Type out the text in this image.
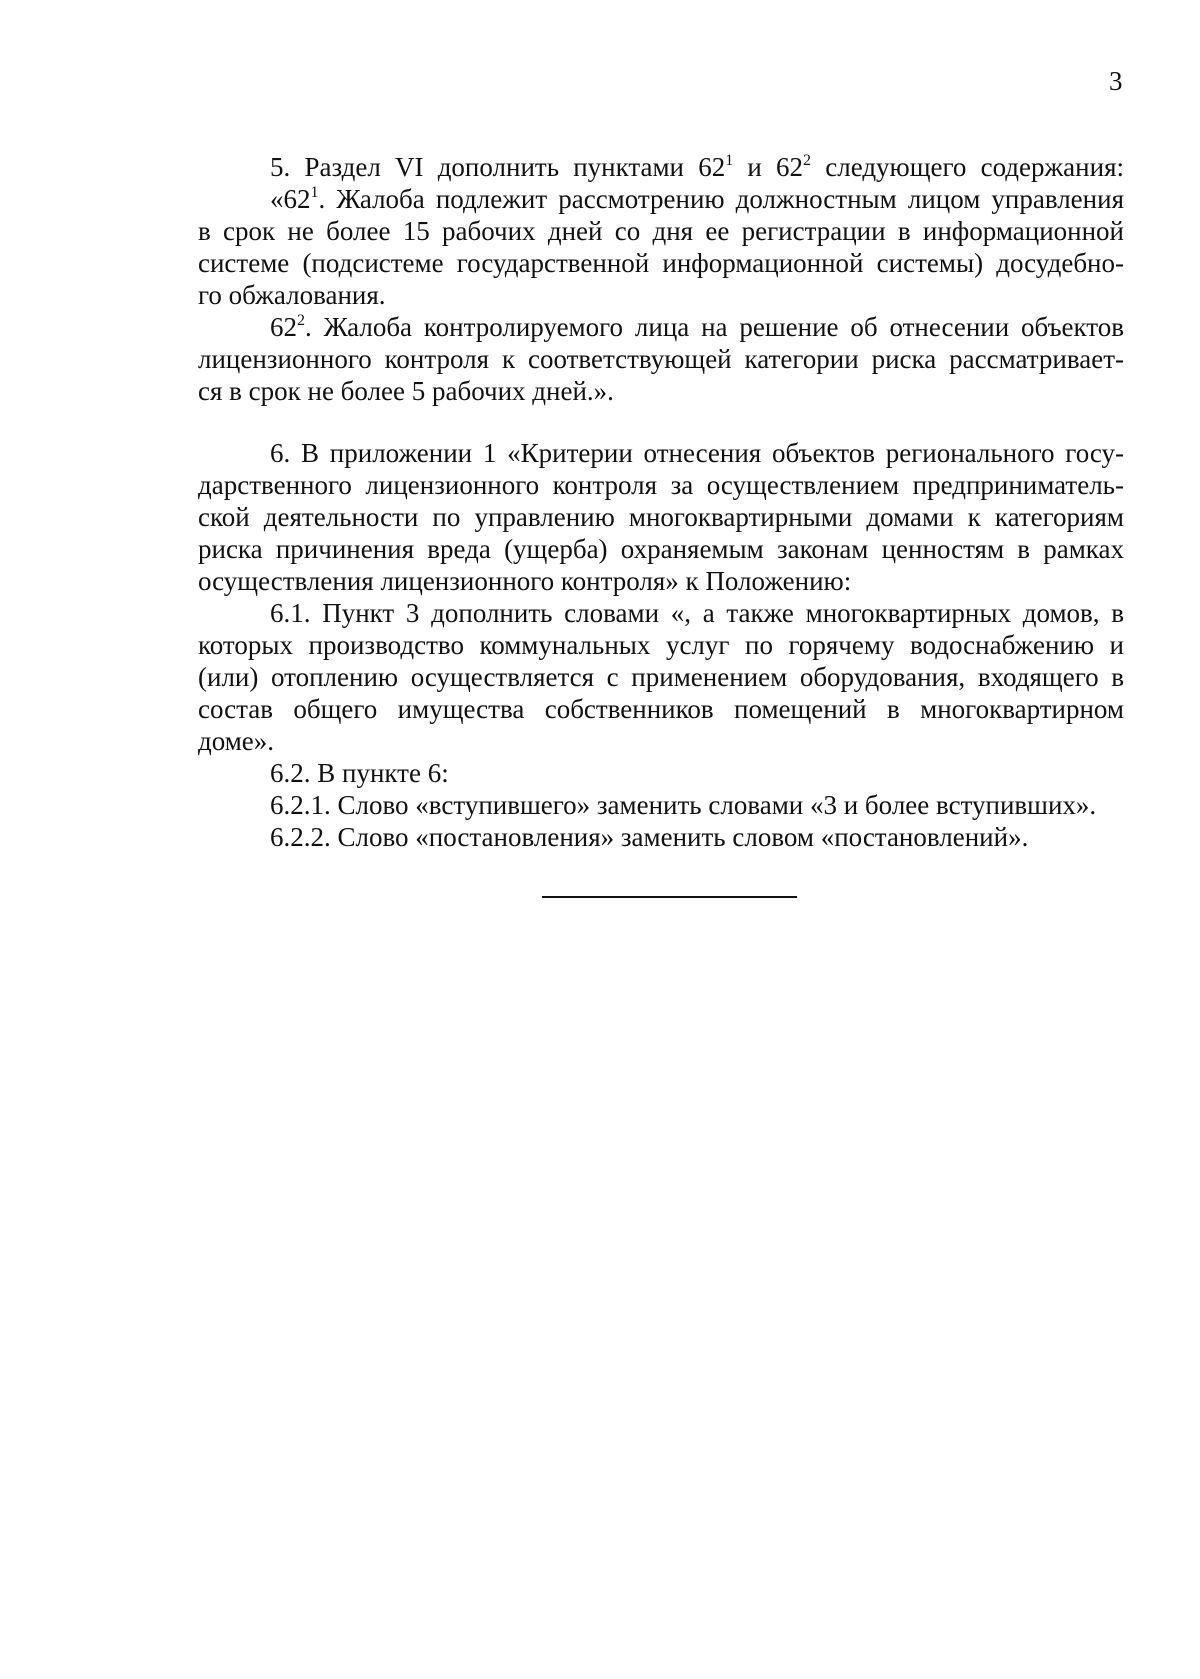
3
5. Раздел VI дополнить пунктами $62^1$ и $62^2$ следующего содержания:
«$62^1$. Жалоба подлежит рассмотрению должностным лицом управления
в срок не более 15 рабочих дней со дня ее регистрации в информационной
системе (подсистеме государственной информационной системы) досудебно-
го обжалования.
$62^2$. Жалоба контролируемого лица на решение об отнесении объектов
лицензионного контроля к соответствующей категории риска рассматривает-
ся в срок не более 5 рабочих дней.».
6. В приложении 1 «Критерии отнесения объектов регионального госу-
дарственного лицензионного контроля за осуществлением предприниматель-
ской деятельности по управлению многоквартирными домами к категориям
риска причинения вреда (ущерба) охраняемым законам ценностям в рамках
осуществления лицензионного контроля» к Положению:
6.1. Пункт 3 дополнить словами «, а также многоквартирных домов, в
которых производство коммунальных услуг по горячему водоснабжению и
(или) отоплению осуществляется с применением оборудования, входящего в
состав общего имущества собственников помещений в многоквартирном
доме».
6.2. В пункте 6:
6.2.1. Слово «вступившего» заменить словами «3 и более вступивших».
6.2.2. Слово «постановления» заменить словом «постановлений».
